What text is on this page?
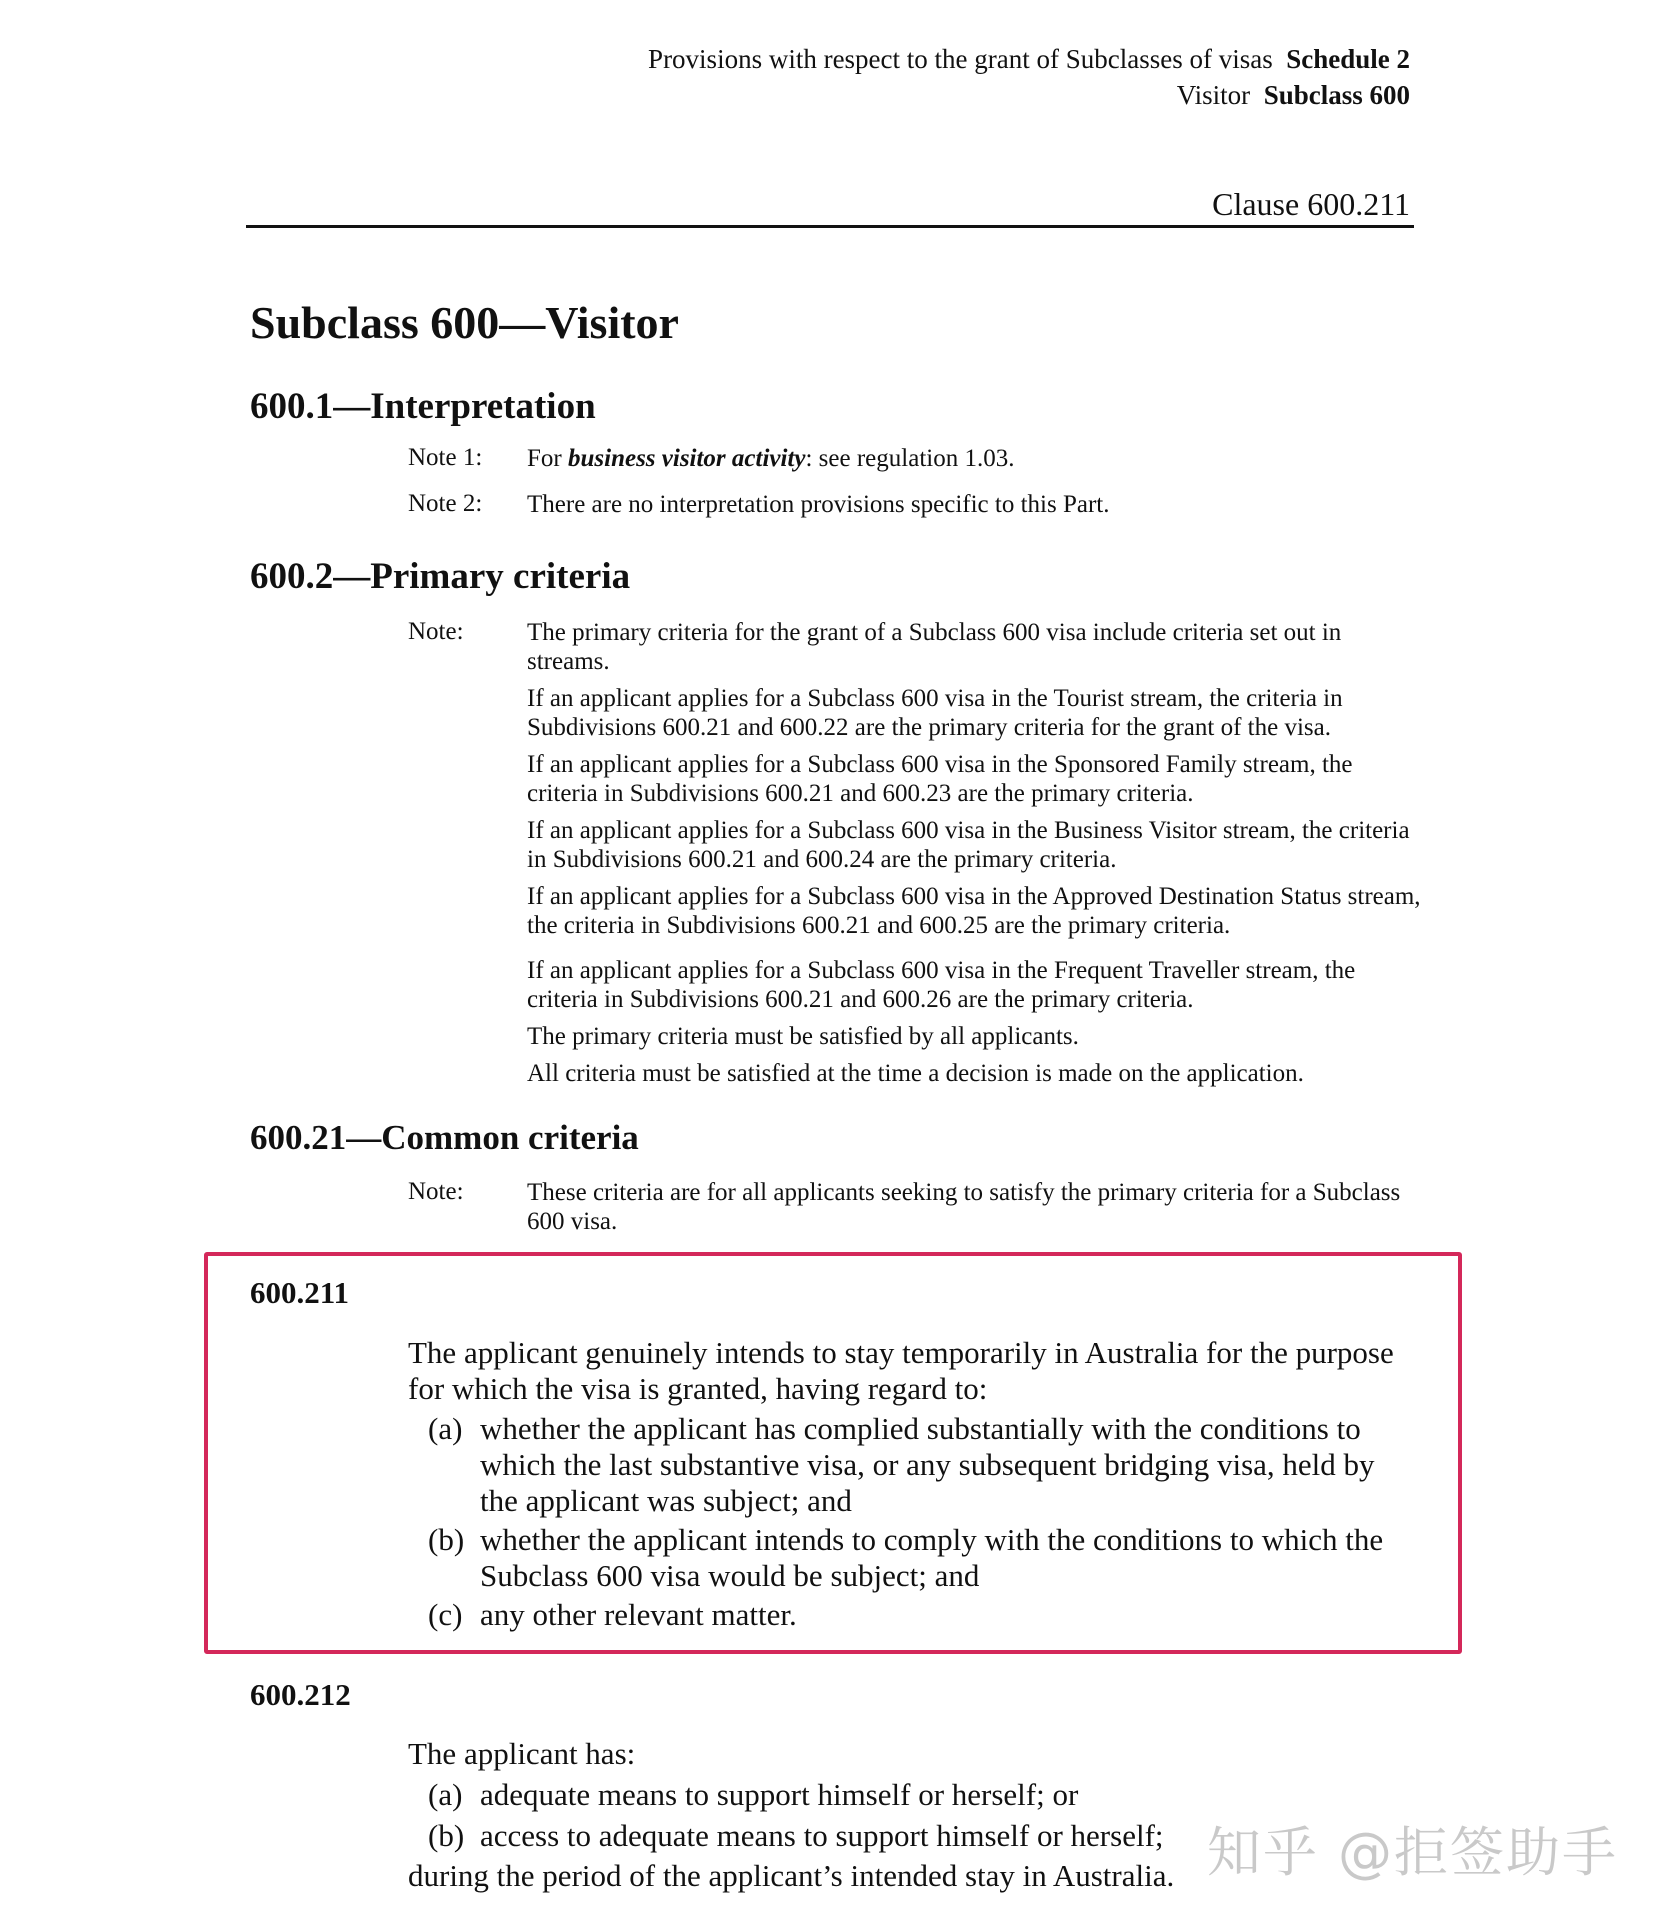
Provisions with respect to the grant of Subclasses of visas Schedule 2
Visitor Subclass 600
Clause 600.211
Subclass 600—Visitor
600.1—Interpretation
Note 1: For business visitor activity: see regulation 1.03.
Note 2: There are no interpretation provisions specific to this Part.
600.2—Primary criteria
Note:	The primary criteria for the grant of a Subclass 600 visa include criteria set out in streams.
If an applicant applies for a Subclass 600 visa in the Tourist stream, the criteria in Subdivisions 600.21 and 600.22 are the primary criteria for the grant of the visa.
If an applicant applies for a Subclass 600 visa in the Sponsored Family stream, the criteria in Subdivisions 600.21 and 600.23 are the primary criteria.
If an applicant applies for a Subclass 600 visa in the Business Visitor stream, the criteria in Subdivisions 600.21 and 600.24 are the primary criteria.
If an applicant applies for a Subclass 600 visa in the Approved Destination Status stream, the criteria in Subdivisions 600.21 and 600.25 are the primary criteria.
If an applicant applies for a Subclass 600 visa in the Frequent Traveller stream, the criteria in Subdivisions 600.21 and 600.26 are the primary criteria.
The primary criteria must be satisfied by all applicants.
All criteria must be satisfied at the time a decision is made on the application.
600.21—Common criteria
Note:	These criteria are for all applicants seeking to satisfy the primary criteria for a Subclass 600 visa.
600.211
The applicant genuinely intends to stay temporarily in Australia for the purpose for which the visa is granted, having regard to:
(a) whether the applicant has complied substantially with the conditions to which the last substantive visa, or any subsequent bridging visa, held by the applicant was subject; and
(b) whether the applicant intends to comply with the conditions to which the Subclass 600 visa would be subject; and
(c) any other relevant matter.
600.212
The applicant has:
(a) adequate means to support himself or herself; or
(b) access to adequate means to support himself or herself;
during the period of the applicant’s intended stay in Australia. 知乎 @拒签助手
